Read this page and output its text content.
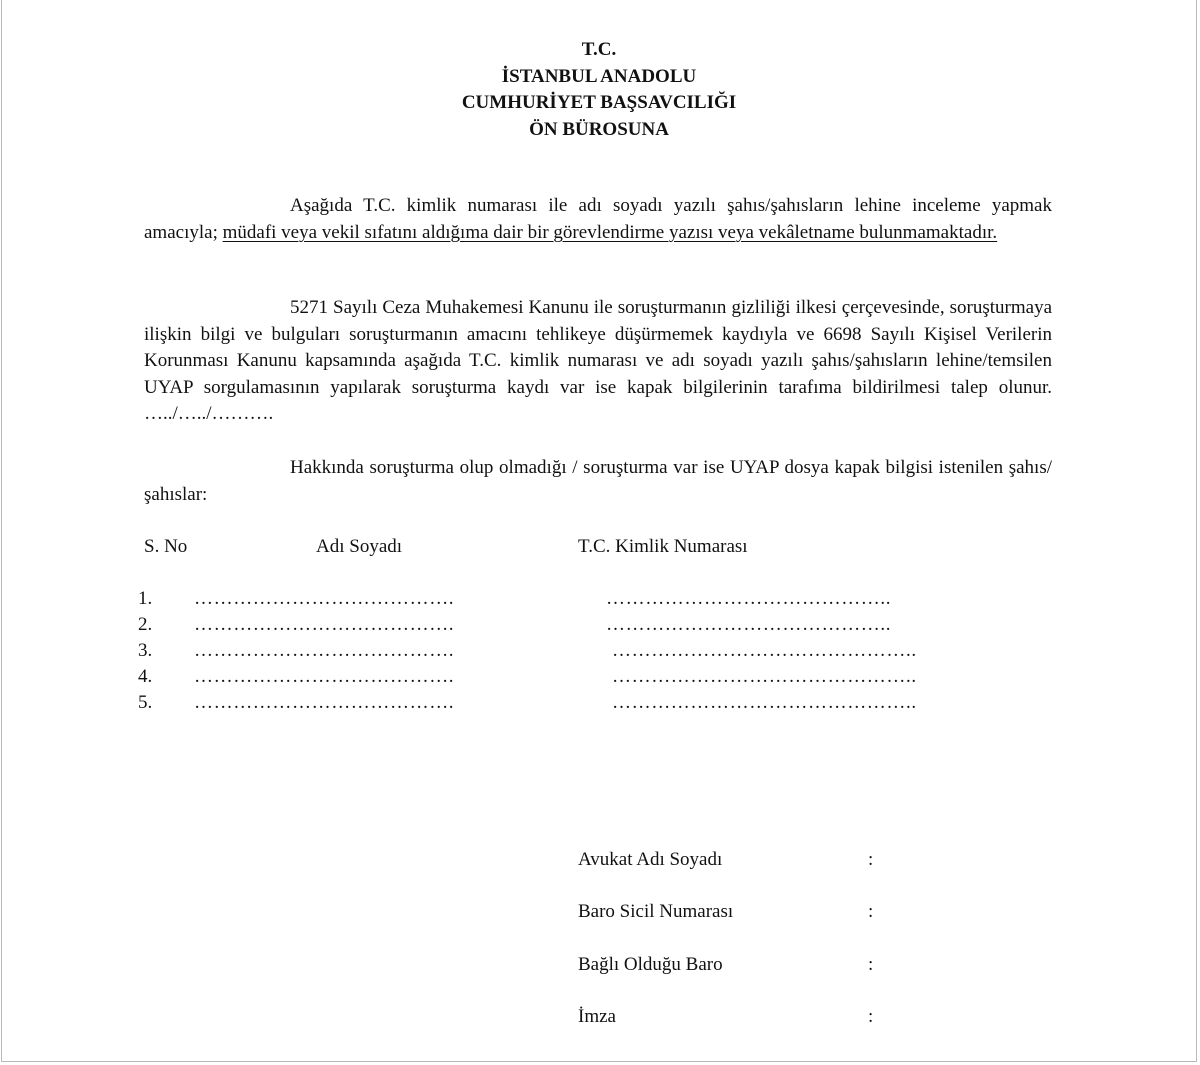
T.C.
İSTANBUL ANADOLU
CUMHURİYET BAŞSAVCILIĞI
ÖN BÜROSUNA
Aşağıda T.C. kimlik numarası ile adı soyadı yazılı şahıs/şahısların lehine inceleme yapmak amacıyla; müdafi veya vekil sıfatını aldığıma dair bir görevlendirme yazısı veya vekâletname bulunmamaktadır.
5271 Sayılı Ceza Muhakemesi Kanunu ile soruşturmanın gizliliği ilkesi çerçevesinde, soruşturmaya ilişkin bilgi ve bulguları soruşturmanın amacını tehlikeye düşürmemek kaydıyla ve 6698 Sayılı Kişisel Verilerin Korunması Kanunu kapsamında aşağıda T.C. kimlik numarası ve adı soyadı yazılı şahıs/şahısların lehine/temsilen UYAP sorgulamasının yapılarak soruşturma kaydı var ise kapak bilgilerinin tarafıma bildirilmesi talep olunur. …../…../……….
Hakkında soruşturma olup olmadığı / soruşturma var ise UYAP dosya kapak bilgisi istenilen şahıs/ şahıslar:
S. No	Adı Soyadı	T.C. Kimlik Numarası
1. ………………………………….	……………………………………..
2. ………………………………….	……………………………………..
3. ………………………………….	………………………………………..
4. ………………………………….	………………………………………..
5. ………………………………….	………………………………………..
Avukat Adı Soyadı	:
Baro Sicil Numarası	:
Bağlı Olduğu Baro	:
İmza	:
